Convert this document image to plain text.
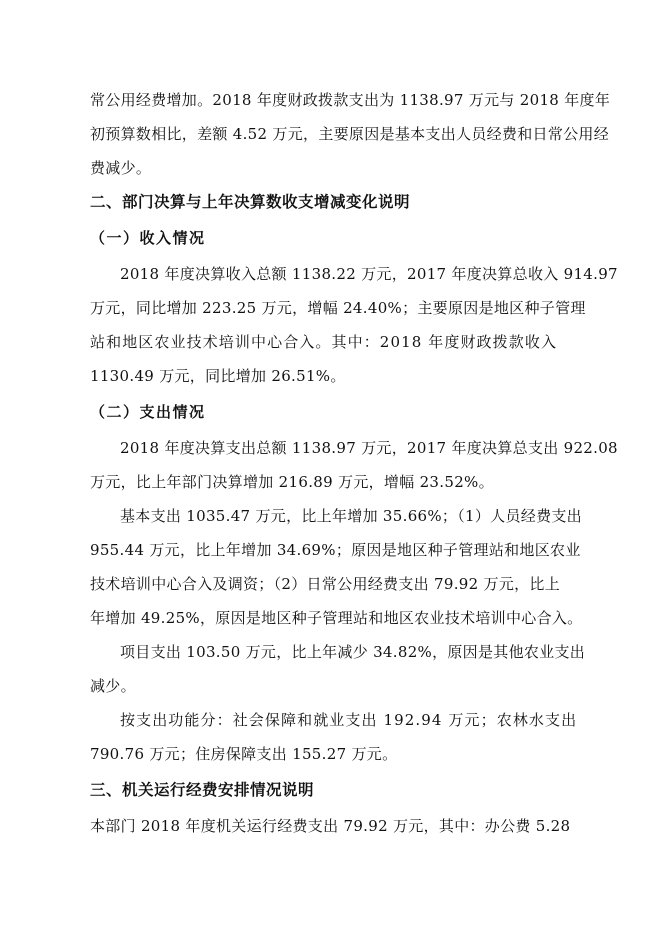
常公用经费增加。2018 年度财政拨款支出为 1138.97 万元与 2018 年度年
初预算数相比，差额 4.52 万元，主要原因是基本支出人员经费和日常公用经
费减少。
二、部门决算与上年决算数收支增减变化说明
（一）收入情况
2018 年度决算收入总额 1138.22 万元，2017 年度决算总收入 914.97
万元，同比增加 223.25 万元，增幅 24.40%；主要原因是地区种子管理
站和地区农业技术培训中心合入。其中：2018 年度财政拨款收入
1130.49 万元，同比增加 26.51%。
（二）支出情况
2018 年度决算支出总额 1138.97 万元，2017 年度决算总支出 922.08
万元，比上年部门决算增加 216.89 万元，增幅 23.52%。
基本支出 1035.47 万元，比上年增加 35.66%；（1）人员经费支出
955.44 万元，比上年增加 34.69%；原因是地区种子管理站和地区农业
技术培训中心合入及调资；（2）日常公用经费支出 79.92 万元，比上
年增加 49.25%，原因是地区种子管理站和地区农业技术培训中心合入。
项目支出 103.50 万元，比上年减少 34.82%，原因是其他农业支出
减少。
按支出功能分：社会保障和就业支出 192.94 万元；农林水支出
790.76 万元；住房保障支出 155.27 万元。
三、机关运行经费安排情况说明
本部门 2018 年度机关运行经费支出 79.92 万元，其中：办公费 5.28
